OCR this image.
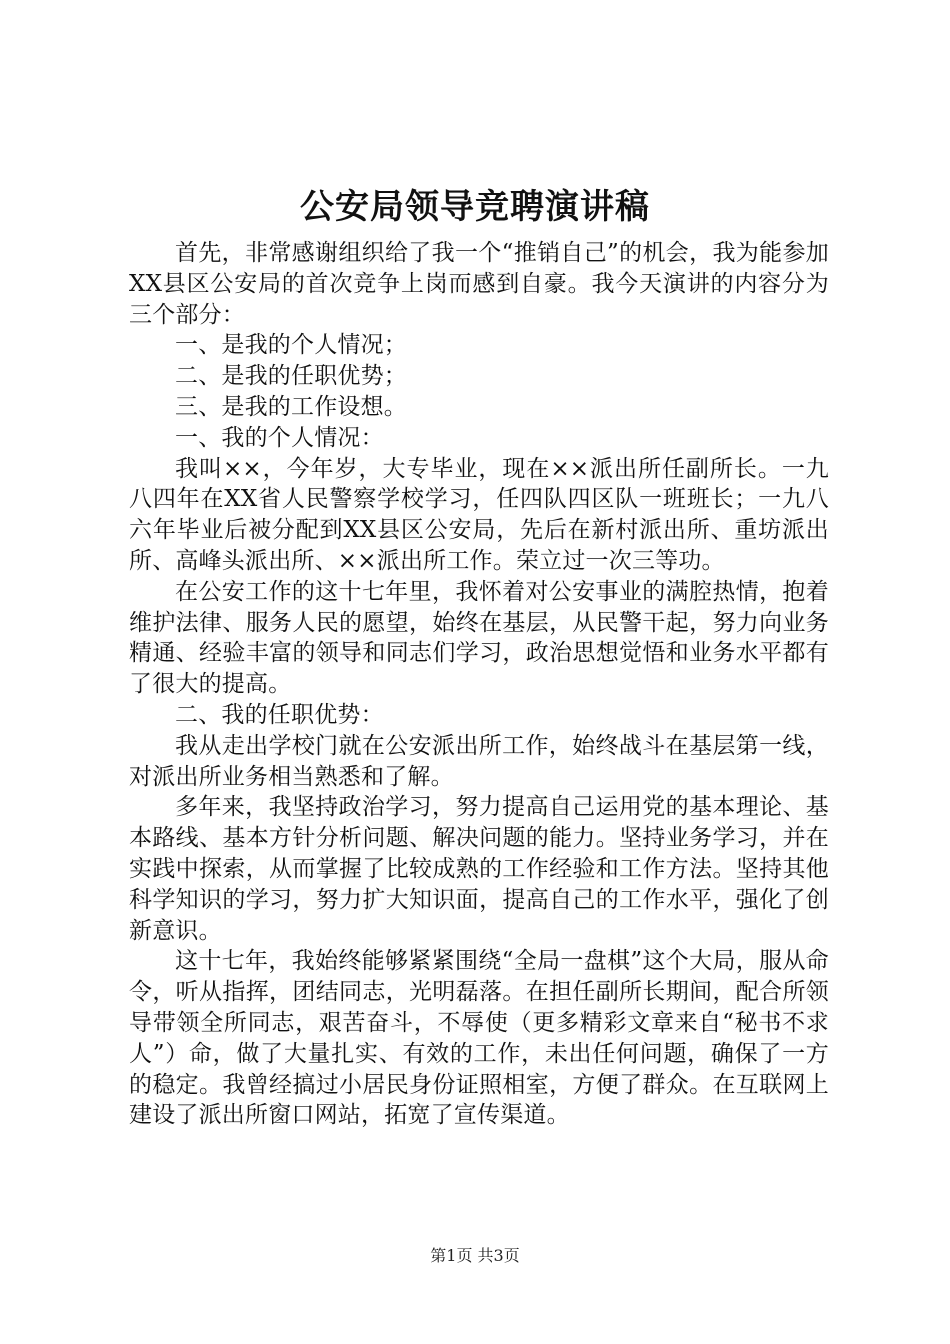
公安局领导竞聘演讲稿

首先，非常感谢组织给了我一个“推销自己”的机会，我为能参加XX县区公安局的首次竞争上岗而感到自豪。我今天演讲的内容分为三个部分：

一、是我的个人情况；

二、是我的任职优势；

三、是我的工作设想。

一、我的个人情况：

我叫××，今年岁，大专毕业，现在××派出所任副所长。一九八四年在XX省人民警察学校学习，任四队四区队一班班长；一九八六年毕业后被分配到XX县区公安局，先后在新村派出所、重坊派出所、高峰头派出所、××派出所工作。荣立过一次三等功。

在公安工作的这十七年里，我怀着对公安事业的满腔热情，抱着维护法律、服务人民的愿望，始终在基层，从民警干起，努力向业务精通、经验丰富的领导和同志们学习，政治思想觉悟和业务水平都有了很大的提高。

二、我的任职优势：

我从走出学校门就在公安派出所工作，始终战斗在基层第一线，对派出所业务相当熟悉和了解。

多年来，我坚持政治学习，努力提高自己运用党的基本理论、基本路线、基本方针分析问题、解决问题的能力。坚持业务学习，并在实践中探索，从而掌握了比较成熟的工作经验和工作方法。坚持其他科学知识的学习，努力扩大知识面，提高自己的工作水平，强化了创新意识。

这十七年，我始终能够紧紧围绕“全局一盘棋”这个大局，服从命令，听从指挥，团结同志，光明磊落。在担任副所长期间，配合所领导带领全所同志，艰苦奋斗，不辱使（更多精彩文章来自“秘书不求人”）命，做了大量扎实、有效的工作，未出任何问题，确保了一方的稳定。我曾经搞过小居民身份证照相室，方便了群众。在互联网上建设了派出所窗口网站，拓宽了宣传渠道。

第1页 共3页
